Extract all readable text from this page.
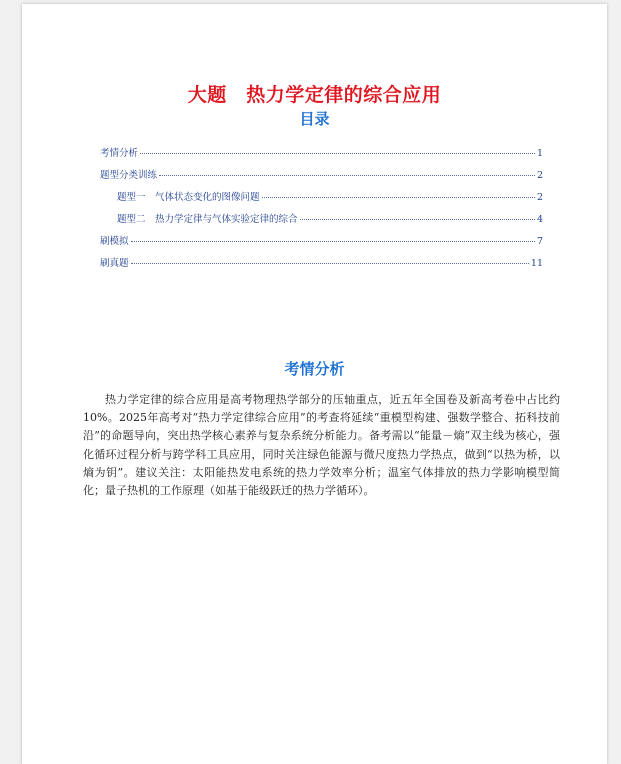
大题　热力学定律的综合应用
目录
考情分析	1
题型分类训练	2
题型一　气体状态变化的图像问题	2
题型二　热力学定律与气体实验定律的综合	4
刷模拟	7
刷真题	11
考情分析

热力学定律的综合应用是高考物理热学部分的压轴重点，近五年全国卷及新高考卷中占比约10%。2025年高考对“热力学定律综合应用”的考查将延续“重模型构建、强数学整合、拓科技前沿”的命题导向，突出热学核心素养与复杂系统分析能力。备考需以“能量－熵”双主线为核心，强化循环过程分析与跨学科工具应用，同时关注绿色能源与微尺度热力学热点，做到“以热为桥，以熵为钥”。建议关注：太阳能热发电系统的热力学效率分析；温室气体排放的热力学影响模型简化；量子热机的工作原理（如基于能级跃迁的热力学循环）。
